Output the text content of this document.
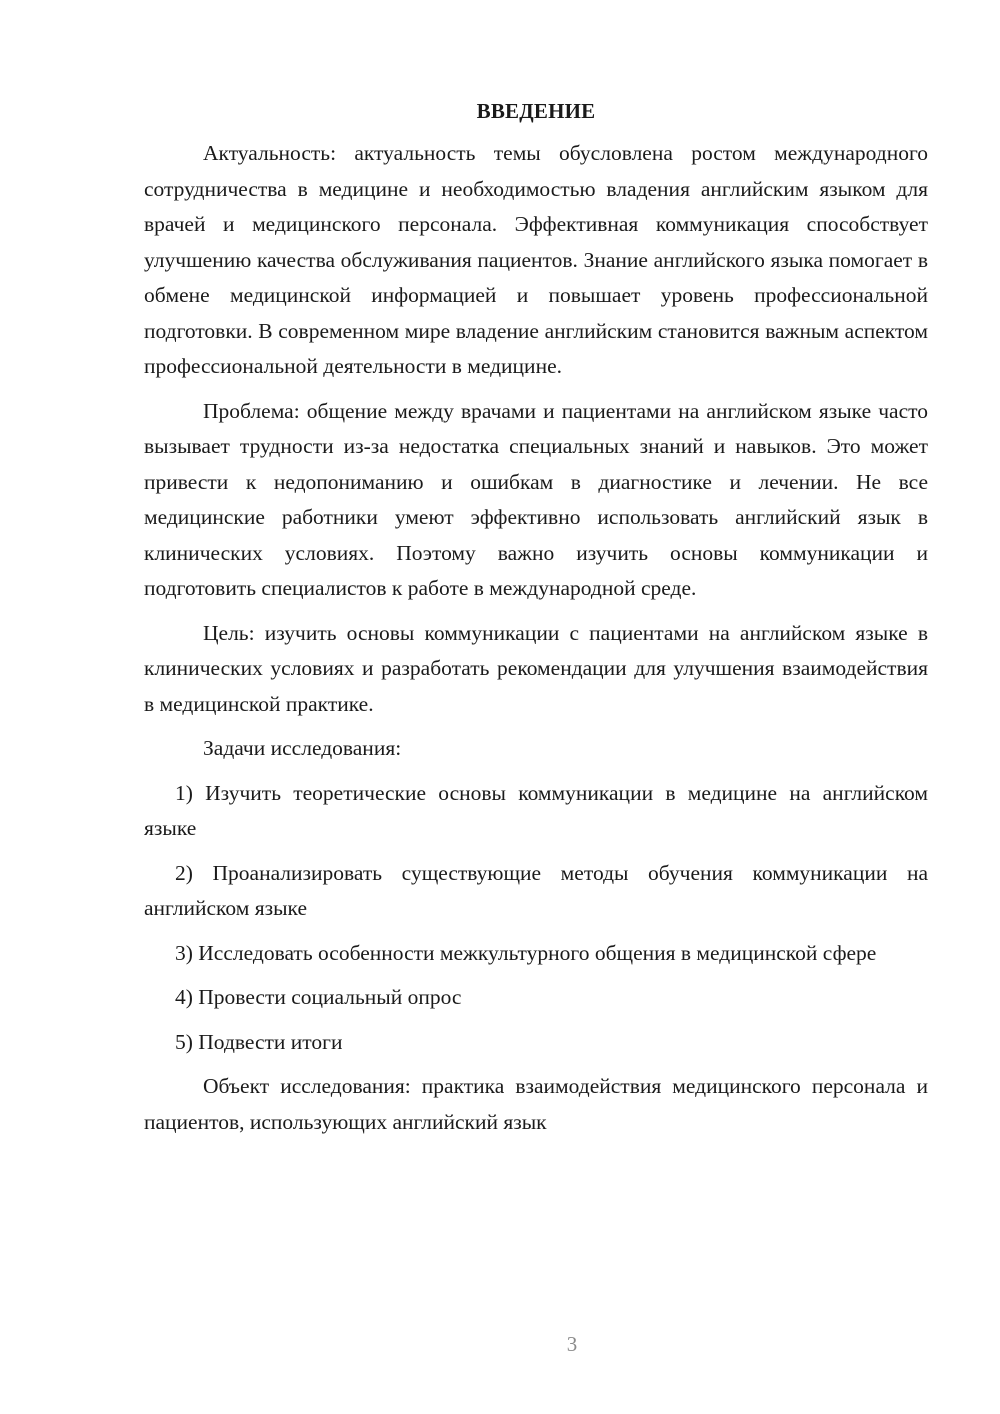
ВВЕДЕНИЕ

Актуальность: актуальность темы обусловлена ростом международного сотрудничества в медицине и необходимостью владения английским языком для врачей и медицинского персонала. Эффективная коммуникация способствует улучшению качества обслуживания пациентов. Знание английского языка помогает в обмене медицинской информацией и повышает уровень профессиональной подготовки. В современном мире владение английским становится важным аспектом профессиональной деятельности в медицине.

Проблема: общение между врачами и пациентами на английском языке часто вызывает трудности из-за недостатка специальных знаний и навыков. Это может привести к недопониманию и ошибкам в диагностике и лечении. Не все медицинские работники умеют эффективно использовать английский язык в клинических условиях. Поэтому важно изучить основы коммуникации и подготовить специалистов к работе в международной среде.

Цель: изучить основы коммуникации с пациентами на английском языке в клинических условиях и разработать рекомендации для улучшения взаимодействия в медицинской практике.

Задачи исследования:

1) Изучить теоретические основы коммуникации в медицине на английском языке

2) Проанализировать существующие методы обучения коммуникации на английском языке

3) Исследовать особенности межкультурного общения в медицинской сфере

4) Провести социальный опрос

5) Подвести итоги

Объект исследования: практика взаимодействия медицинского персонала и пациентов, использующих английский язык

3
